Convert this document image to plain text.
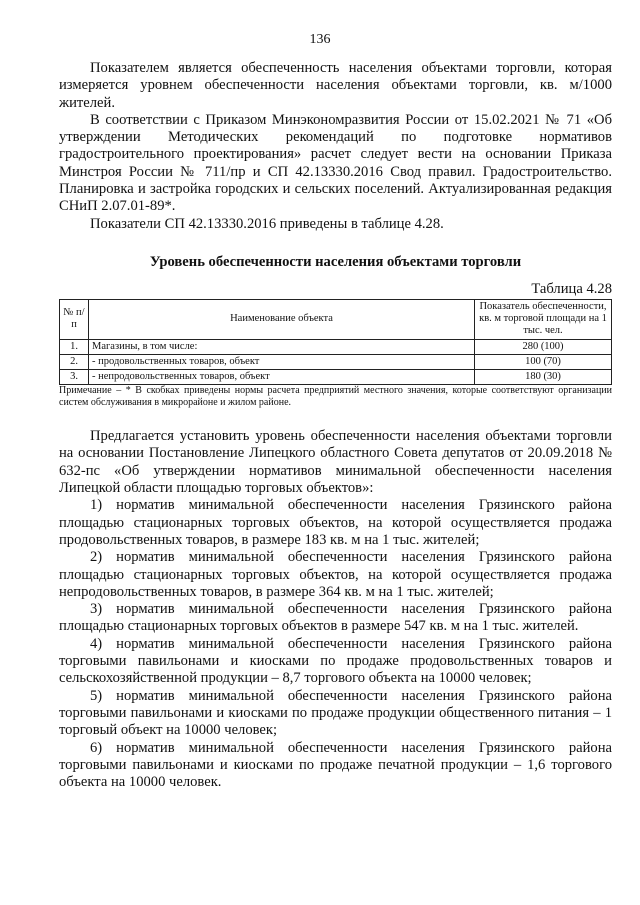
136

Показателем является обеспеченность населения объектами торговли, которая измеряется уровнем обеспеченности населения объектами торговли, кв. м/1000 жителей.

В соответствии с Приказом Минэкономразвития России от 15.02.2021 № 71 «Об утверждении Методических рекомендаций по подготовке нормативов градостроительного проектирования» расчет следует вести на основании Приказа Минстроя России № 711/пр и СП 42.13330.2016 Свод правил. Градостроительство. Планировка и застройка городских и сельских поселений. Актуализированная редакция СНиП 2.07.01-89*.

Показатели СП 42.13330.2016 приведены в таблице 4.28.

Уровень обеспеченности населения объектами торговли
Таблица 4.28
№ п/п	Наименование объекта	Показатель обеспеченности, кв. м торговой площади на 1 тыс. чел.
1.	Магазины, в том числе:	280 (100)
2.	- продовольственных товаров, объект	100 (70)
3.	- непродовольственных товаров, объект	180 (30)

Примечание – * В скобках приведены нормы расчета предприятий местного значения, которые соответствуют организации систем обслуживания в микрорайоне и жилом районе.

Предлагается установить уровень обеспеченности населения объектами торговли на основании Постановление Липецкого областного Совета депутатов от 20.09.2018 № 632-пс «Об утверждении нормативов минимальной обеспеченности населения Липецкой области площадью торговых объектов»:

1) норматив минимальной обеспеченности населения Грязинского района площадью стационарных торговых объектов, на которой осуществляется продажа продовольственных товаров, в размере 183 кв. м на 1 тыс. жителей;

2) норматив минимальной обеспеченности населения Грязинского района площадью стационарных торговых объектов, на которой осуществляется продажа непродовольственных товаров, в размере 364 кв. м на 1 тыс. жителей;

3) норматив минимальной обеспеченности населения Грязинского района площадью стационарных торговых объектов в размере 547 кв. м на 1 тыс. жителей.

4) норматив минимальной обеспеченности населения Грязинского района торговыми павильонами и киосками по продаже продовольственных товаров и сельскохозяйственной продукции – 8,7 торгового объекта на 10000 человек;

5) норматив минимальной обеспеченности населения Грязинского района торговыми павильонами и киосками по продаже продукции общественного питания – 1 торговый объект на 10000 человек;

6) норматив минимальной обеспеченности населения Грязинского района торговыми павильонами и киосками по продаже печатной продукции – 1,6 торгового объекта на 10000 человек.
